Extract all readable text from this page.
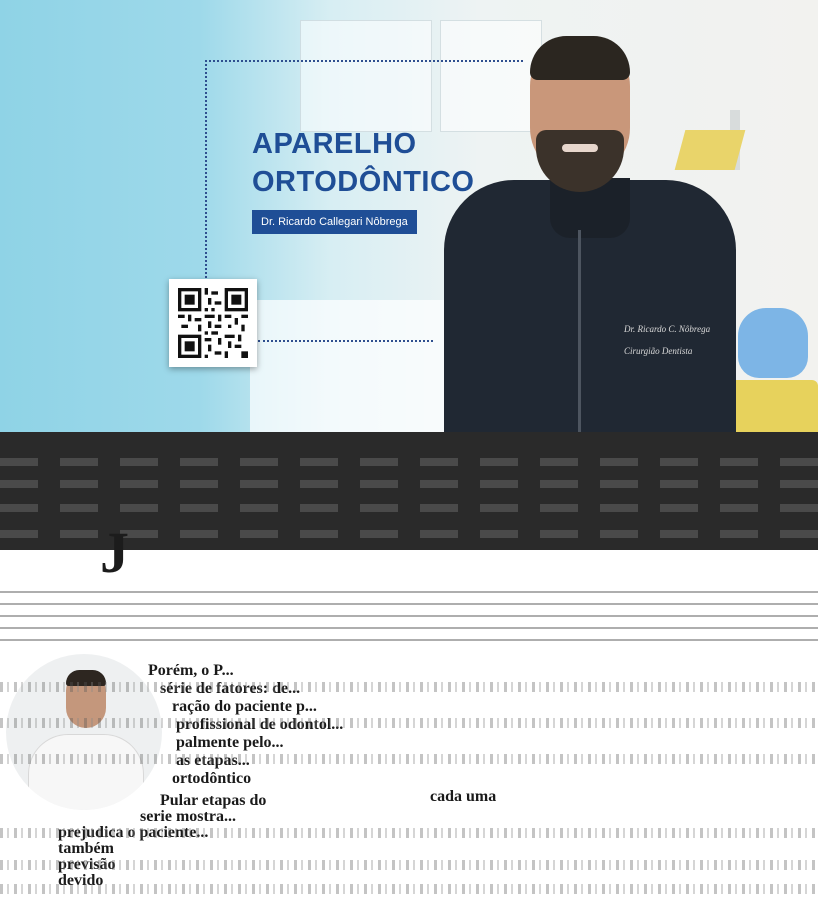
APARELHO
ORTODÔNTICO
Dr. Ricardo Callegari Nôbrega
Dr. Ricardo C. Nôbrega
Cirurgião Dentista
J
Porém, o P...
série de fatores: de...
ração do paciente p...
profissional de odontol...
palmente pelo...
as etapas...
ortodôntico
cada uma
Pular etapas do
serie mostra...
prejudica o paciente...
também
previsão
devido
